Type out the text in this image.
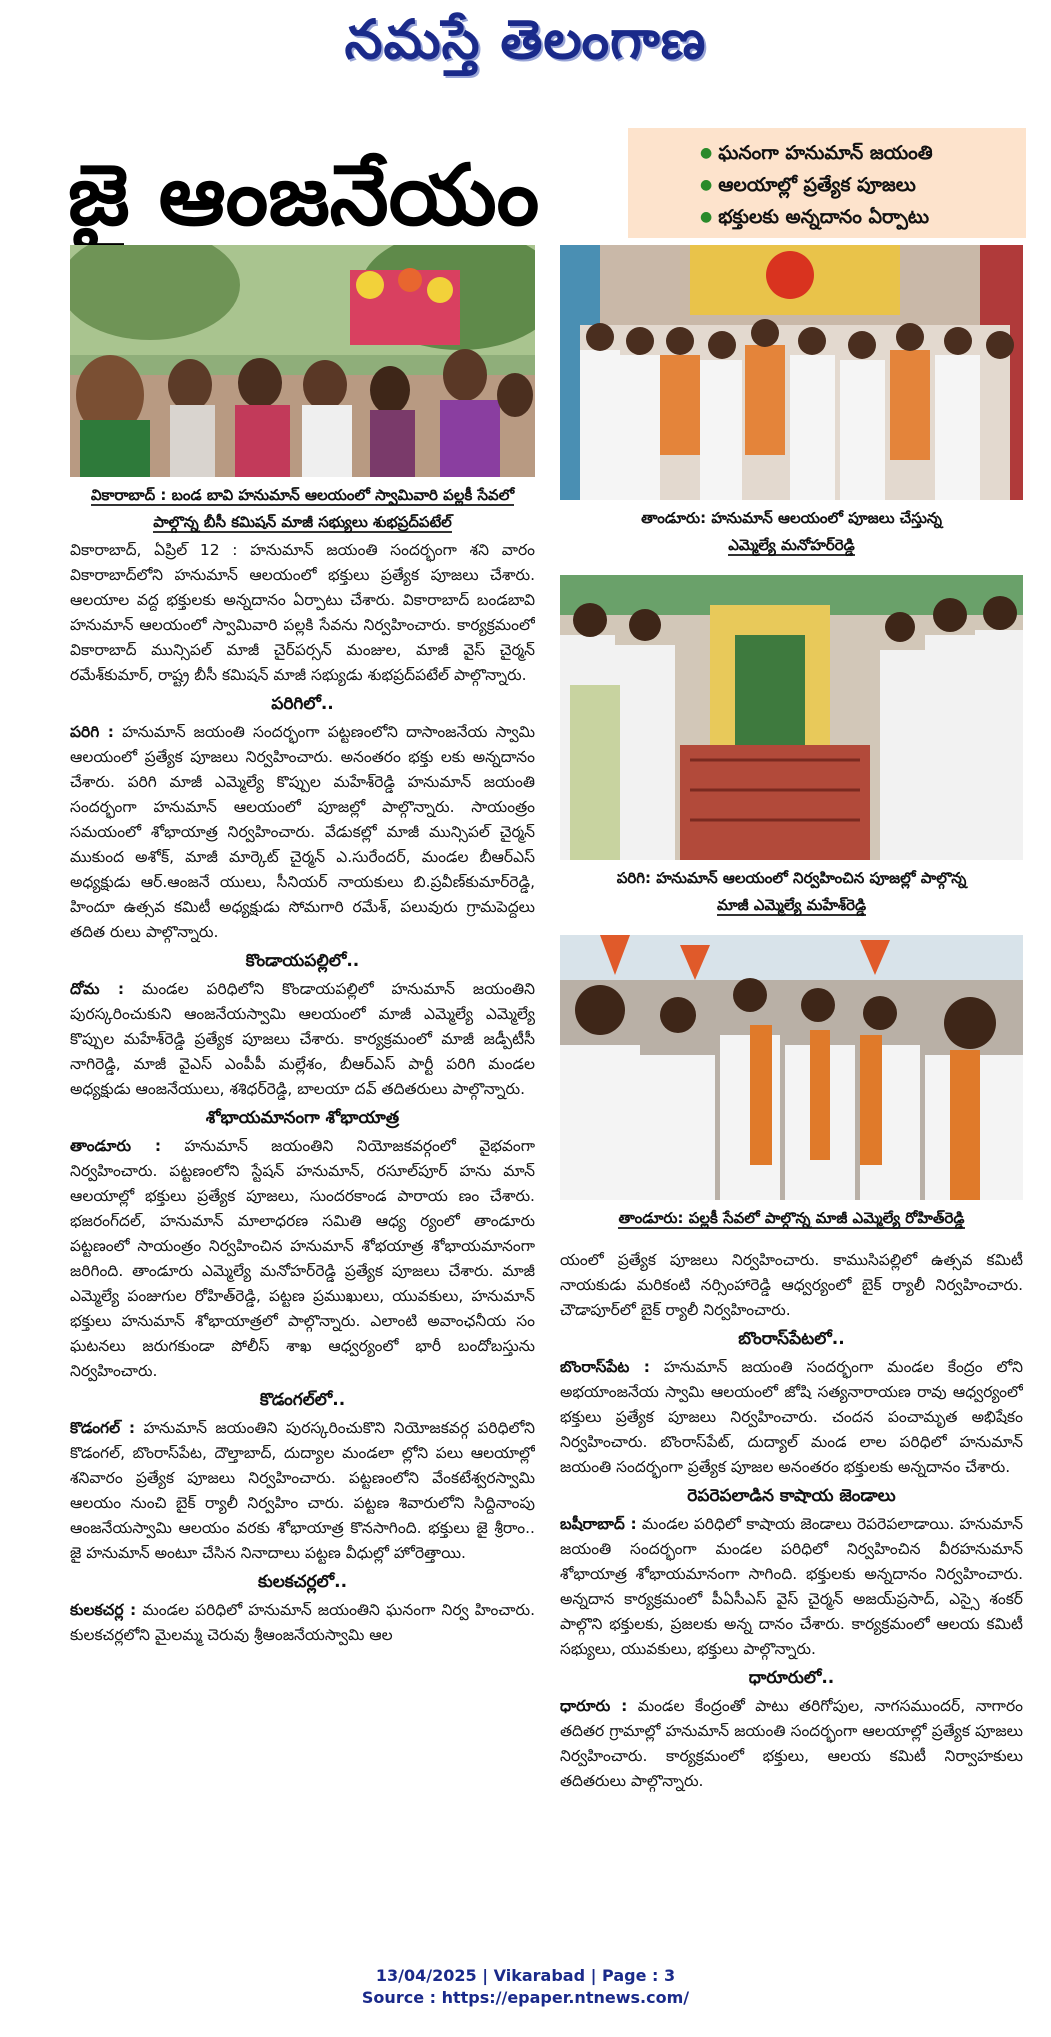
నమస్తే తెలంగాణ
జై ఆంజనేయం
●	ఘనంగా హనుమాన్ జయంతి
● ఆలయాల్లో ప్రత్యేక పూజలు
● భక్తులకు అన్నదానం ఏర్పాటు
వికారాబాద్ : బండ బావి హనుమాన్ ఆలయంలో స్వామివారి పల్లకీ సేవలో పాల్గొన్న బీసీ కమిషన్ మాజీ సభ్యులు శుభప్రద్‌పటేల్	తాండూరు: హనుమాన్ ఆలయంలో పూజలు చేస్తున్న
ఎమ్మెల్యే మనోహర్‌రెడ్డి
పరిగి: హనుమాన్ ఆలయంలో నిర్వహించిన పూజల్లో పాల్గొన్న
మాజీ ఎమ్మెల్యే మహేశ్‌రెడ్డి
తాండూరు: పల్లకీ సేవలో పాల్గొన్న మాజీ ఎమ్మెల్యే రోహిత్‌రెడ్డి

వికారాబాద్, ఏప్రిల్ 12 : హనుమాన్ జయంతి సందర్భంగా శని వారం వికారాబాద్‌లోని హనుమాన్ ఆలయంలో భక్తులు ప్రత్యేక పూజలు చేశారు. ఆలయాల వద్ద భక్తులకు అన్నదానం ఏర్పాటు చేశారు. వికారాబాద్ బండబావి హనుమాన్ ఆలయంలో స్వామివారి పల్లకి సేవను నిర్వహించారు. కార్యక్రమంలో వికారాబాద్ మున్సిపల్ మాజీ చైర్‌పర్సన్ మంజుల, మాజీ వైస్ చైర్మన్ రమేశ్‌కుమార్, రాష్ట్ర బీసీ కమిషన్ మాజీ సభ్యుడు శుభప్రద్‌పటేల్ పాల్గొన్నారు.

పరిగిలో..

పరిగి : హనుమాన్ జయంతి సందర్భంగా పట్టణంలోని దాసాంజనేయ స్వామి ఆలయంలో ప్రత్యేక పూజలు నిర్వహించారు. అనంతరం భక్తు లకు అన్నదానం చేశారు. పరిగి మాజీ ఎమ్మెల్యే కొప్పుల మహేశ్‌రెడ్డి హనుమాన్ జయంతి సందర్భంగా హనుమాన్ ఆలయంలో పూజల్లో పాల్గొన్నారు. సాయంత్రం సమయంలో శోభాయాత్ర నిర్వహించారు. వేడుకల్లో మాజీ మున్సిపల్ చైర్మన్ ముకుంద అశోక్, మాజీ మార్కెట్ చైర్మన్ ఎ.సురేందర్, మండల బీఆర్‌ఎస్ అధ్యక్షుడు ఆర్.ఆంజనే యులు, సీనియర్ నాయకులు బి.ప్రవీణ్‌కుమార్‌రెడ్డి, హిందూ ఉత్సవ కమిటీ అధ్యక్షుడు సోమగారి రమేశ్, పలువురు గ్రామపెద్దలు తదిత రులు పాల్గొన్నారు.

కొండాయపల్లిలో..

దోమ : మండల పరిధిలోని కొండాయపల్లిలో హనుమాన్ జయంతిని పురస్కరించుకుని ఆంజనేయస్వామి ఆలయంలో మాజీ ఎమ్మెల్యే ఎమ్మెల్యే కొప్పుల మహేశ్‌రెడ్డి ప్రత్యేక పూజలు చేశారు. కార్యక్రమంలో మాజీ జడ్పీటీసీ నాగిరెడ్డి, మాజీ వైఎస్ ఎంపీపీ మల్లేశం, బీఆర్‌ఎస్ పార్టీ పరిగి మండల అధ్యక్షుడు ఆంజనేయులు, శశిధర్‌రెడ్డి, బాలయా దవ్ తదితరులు పాల్గొన్నారు.

శోభాయమానంగా శోభాయాత్ర

తాండూరు : హనుమాన్ జయంతిని నియోజకవర్గంలో వైభవంగా నిర్వహించారు. పట్టణంలోని స్టేషన్ హనుమాన్, రసూల్‌పూర్ హను మాన్ ఆలయాల్లో భక్తులు ప్రత్యేక పూజలు, సుందరకాండ పారాయ ణం చేశారు. భజరంగ్‌దల్, హనుమాన్ మాలాధరణ సమితి ఆధ్య ర్యంలో తాండూరు పట్టణంలో సాయంత్రం నిర్వహించిన హనుమాన్ శోభయాత్ర శోభాయమానంగా జరిగింది. తాండూరు ఎమ్మెల్యే మనోహర్‌రెడ్డి ప్రత్యేక పూజలు చేశారు. మాజీ ఎమ్మెల్యే పంజుగుల రోహిత్‌రెడ్డి, పట్టణ ప్రముఖులు, యువకులు, హనుమాన్ భక్తులు హనుమాన్ శోభాయాత్రలో పాల్గొన్నారు. ఎలాంటి అవాంఛనీయ సం ఘటనలు జరుగకుండా పోలీస్ శాఖ ఆధ్వర్యంలో భారీ బందోబస్తును నిర్వహించారు.

కొడంగల్‌లో..

కొడంగల్ : హనుమాన్ జయంతిని పురస్కరించుకొని నియోజకవర్గ పరిధిలోని కొడంగల్, బొంరాస్‌పేట, దౌల్తాబాద్, దుద్యాల మండలా ల్లోని పలు ఆలయాల్లో శనివారం ప్రత్యేక పూజలు నిర్వహించారు. పట్టణంలోని వేంకటేశ్వరస్వామి ఆలయం నుంచి బైక్ ర్యాలీ నిర్వహిం చారు. పట్టణ శివారులోని సిద్దినాంపు ఆంజనేయస్వామి ఆలయం వరకు శోభాయాత్ర కొనసాగింది. భక్తులు జై శ్రీరాం.. జై హనుమాన్ అంటూ చేసిన నినాదాలు పట్టణ వీధుల్లో హోరెత్తాయి.

కులకచర్లలో..

కులకచర్ల : మండల పరిధిలో హనుమాన్ జయంతిని ఘనంగా నిర్వ హించారు. కులకచర్లలోని మైలమ్మ చెరువు శ్రీఆంజనేయస్వామి ఆల

యంలో ప్రత్యేక పూజలు నిర్వహించారు. కాముసిపల్లిలో ఉత్సవ కమిటీ నాయకుడు మరికంటి నర్సింహారెడ్డి ఆధ్వర్యంలో బైక్ ర్యాలీ నిర్వహించారు. చౌడాపూర్‌లో బైక్ ర్యాలీ నిర్వహించారు.

బొంరాస్‌పేటలో..

బొంరాస్‌పేట : హనుమాన్ జయంతి సందర్భంగా మండల కేంద్రం లోని అభయాంజనేయ స్వామి ఆలయంలో జోషి సత్యనారాయణ రావు ఆధ్వర్యంలో భక్తులు ప్రత్యేక పూజలు నిర్వహించారు. చందన పంచామృత అభిషేకం నిర్వహించారు. బొంరాస్‌పేట్, దుద్యాల్ మండ లాల పరిధిలో హనుమాన్ జయంతి సందర్భంగా ప్రత్యేక పూజల అనంతరం భక్తులకు అన్నదానం చేశారు.

రెపరెపలాడిన కాషాయ జెండాలు

బషీరాబాద్ : మండల పరిధిలో కాషాయ జెండాలు రెపరెపలాడాయి. హనుమాన్ జయంతి సందర్భంగా మండల పరిధిలో నిర్వహించిన వీరహనుమాన్ శోభాయాత్ర శోభాయమానంగా సాగింది. భక్తులకు అన్నదానం నిర్వహించారు. అన్నదాన కార్యక్రమంలో పీఏసీఎస్ వైస్ చైర్మన్ అజయ్‌ప్రసాద్, ఎస్సై శంకర్ పాల్గొని భక్తులకు, ప్రజలకు అన్న దానం చేశారు. కార్యక్రమంలో ఆలయ కమిటీ సభ్యులు, యువకులు, భక్తులు పాల్గొన్నారు.

ధారూరులో..

ధారూరు : మండల కేంద్రంతో పాటు తరిగోపుల, నాగసముందర్, నాగారం తదితర గ్రామాల్లో హనుమాన్ జయంతి సందర్భంగా ఆలయాల్లో ప్రత్యేక పూజలు నిర్వహించారు. కార్యక్రమంలో భక్తులు, ఆలయ కమిటీ నిర్వాహకులు తదితరులు పాల్గొన్నారు.

13/04/2025 | Vikarabad | Page : 3
Source : https://epaper.ntnews.com/
